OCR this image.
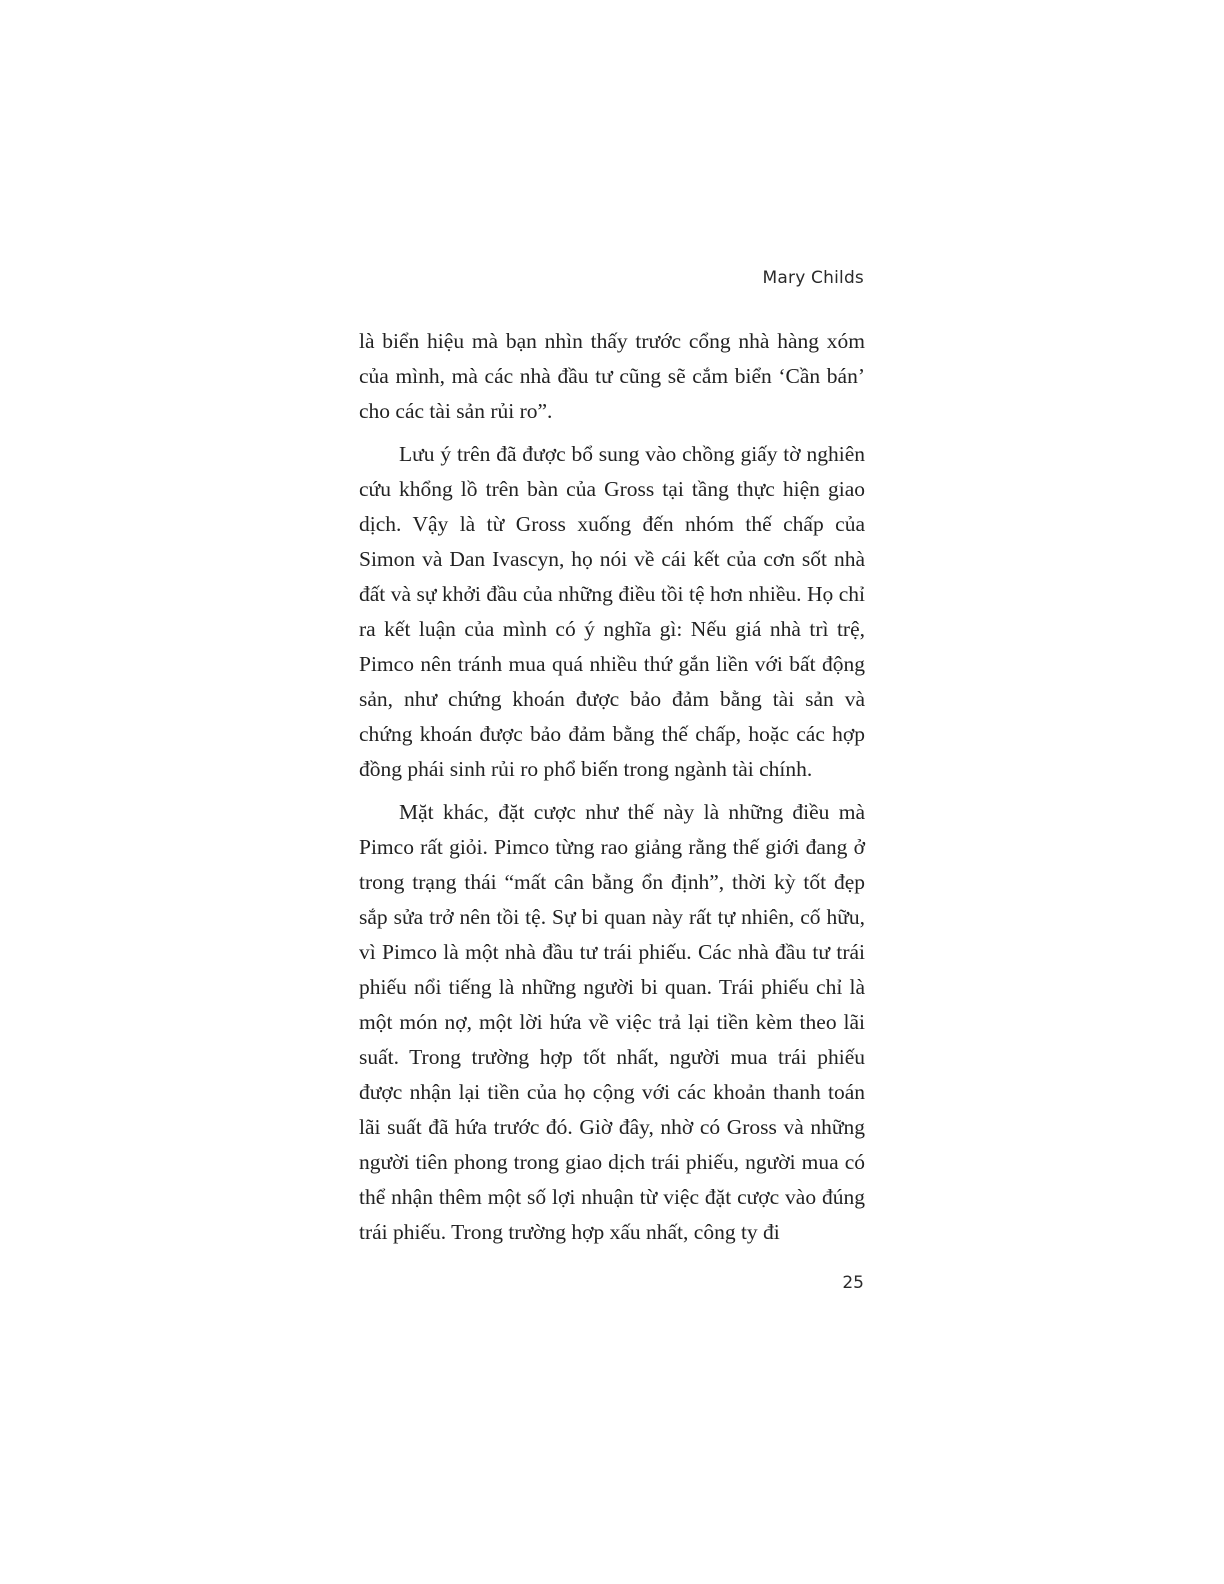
Mary Childs

là biển hiệu mà bạn nhìn thấy trước cổng nhà hàng xóm của mình, mà các nhà đầu tư cũng sẽ cắm biển ‘Cần bán’ cho các tài sản rủi ro”.

Lưu ý trên đã được bổ sung vào chồng giấy tờ nghiên cứu khổng lồ trên bàn của Gross tại tầng thực hiện giao dịch. Vậy là từ Gross xuống đến nhóm thế chấp của Simon và Dan Ivascyn, họ nói về cái kết của cơn sốt nhà đất và sự khởi đầu của những điều tồi tệ hơn nhiều. Họ chỉ ra kết luận của mình có ý nghĩa gì: Nếu giá nhà trì trệ, Pimco nên tránh mua quá nhiều thứ gắn liền với bất động sản, như chứng khoán được bảo đảm bằng tài sản và chứng khoán được bảo đảm bằng thế chấp, hoặc các hợp đồng phái sinh rủi ro phổ biến trong ngành tài chính.

Mặt khác, đặt cược như thế này là những điều mà Pimco rất giỏi. Pimco từng rao giảng rằng thế giới đang ở trong trạng thái “mất cân bằng ổn định”, thời kỳ tốt đẹp sắp sửa trở nên tồi tệ. Sự bi quan này rất tự nhiên, cố hữu, vì Pimco là một nhà đầu tư trái phiếu. Các nhà đầu tư trái phiếu nổi tiếng là những người bi quan. Trái phiếu chỉ là một món nợ, một lời hứa về việc trả lại tiền kèm theo lãi suất. Trong trường hợp tốt nhất, người mua trái phiếu được nhận lại tiền của họ cộng với các khoản thanh toán lãi suất đã hứa trước đó. Giờ đây, nhờ có Gross và những người tiên phong trong giao dịch trái phiếu, người mua có thể nhận thêm một số lợi nhuận từ việc đặt cược vào đúng trái phiếu. Trong trường hợp xấu nhất, công ty đi

25
